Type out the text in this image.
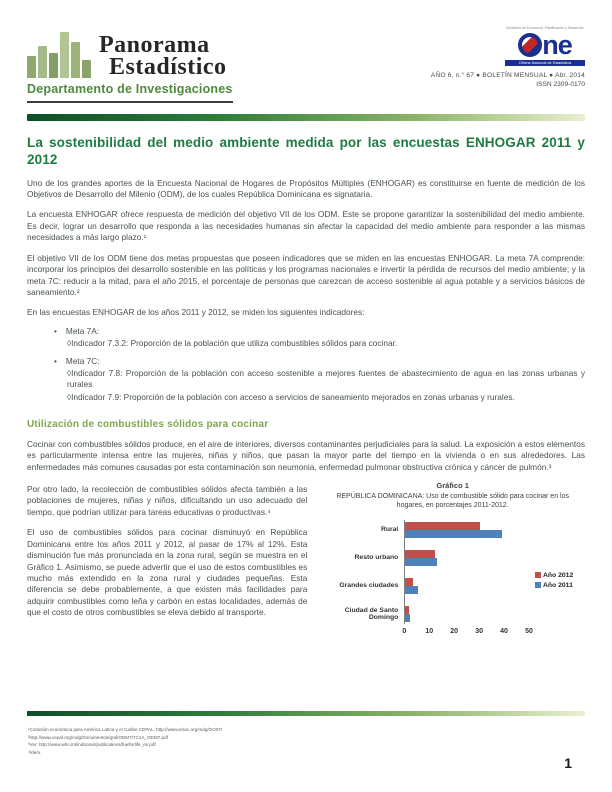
Panorama
Estadístico
Departamento de Investigaciones
Ministerio de Economía, Planificación y Desarrollo
ne
Oficina Nacional de Estadística
AÑO 6, n.° 67 ● BOLETÍN MENSUAL ● Abr. 2014
ISSN 2309-0170
La sostenibilidad del medio ambiente medida por las encuestas ENHOGAR 2011 y 2012
Uno de los grandes aportes de la Encuesta Nacional de Hogares de Propósitos Múltiples (ENHOGAR) es constituirse en fuente de medición de los Objetivos de Desarrollo del Milenio (ODM), de los cuales República Dominicana es signataria.
La encuesta ENHOGAR ofrece respuesta de medición del objetivo VII de los ODM. Este se propone garantizar la sostenibilidad del medio ambiente. Es decir, lograr un desarrollo que responda a las necesidades humanas sin afectar la capacidad del medio ambiente para responder a las mismas necesidades a más largo plazo.¹
El objetivo VII de los ODM tiene dos metas propuestas que poseen indicadores que se miden en las encuestas ENHOGAR. La meta 7A comprende: incorporar los principios del desarrollo sostenible en las políticas y los programas nacionales e invertir la pérdida de recursos del medio ambiente; y la meta 7C: reducir a la mitad, para el año 2015, el porcentaje de personas que carezcan de acceso sostenible al agua potable y a servicios básicos de saneamiento.²
En las encuestas ENHOGAR de los años 2011 y 2012, se miden los siguientes indicadores:
• Meta 7A:
◊Indicador 7.3.2: Proporción de la población que utiliza combustibles sólidos para cocinar.
• Meta 7C:
◊Indicador 7.8: Proporción de la población con acceso sostenible a mejores fuentes de abastecimiento de agua en las zonas urbanas y rurales
◊Indicador 7.9: Proporción de la población con acceso a servicios de saneamiento mejorados en zonas urbanas y rurales.
Utilización de combustibles sólidos para cocinar
Cocinar con combustibles sólidos produce, en el aire de interiores, diversos contaminantes perjudiciales para la salud. La exposición a estos elementos es particularmente intensa entre las mujeres, niñas y niños, que pasan la mayor parte del tiempo en la vivienda o en sus alrededores. Las enfermedades más comunes causadas por esta contaminación son neumonia, enfermedad pulmonar obstructiva crónica y cáncer de pulmón.³
Por otro lado, la recolección de combustibles sólidos afecta también a las poblaciones de mujeres, niñas y niños, dificultando un uso adecuado del tiempo, que podrían utilizar para tareas educativas o productivas.⁴
El uso de combustibles sólidos para cocinar disminuyó en República Dominicana entre los años 2011 y 2012, al pasar de 17% al 12%. Esta disminución fue más pronunciada en la zona rural, según se muestra en el Gráfico 1. Asimismo, se puede advertir que el uso de estos combustibles es mucho más extendido en la zona rural y ciudades pequeñas. Esta diferencia se debe probablemente, a que existen más facilidades para adquirir combustibles como leña y carbón en estas localidades, además de que el costo de otros combustibles se eleva debido al transporte.
Gráfico 1
REPÚBLICA DOMINICANA: Uso de combustible sólido para cocinar en los hogares, en porcentajes 2011-2012.
Rural
Resto urbano
Grandes ciudades
Ciudad de Santo Domingo
0	10 20 30 40 50
Año 2012
Año 2011
¹Comisión económica para América Latina y el Caribe CEPAL. http://www.eclac.org/mdg/GO07/
²http://www.cepal.org/mdg/Documentos/gral/ODM7/7C1A_ODM7.pdf
³Ver: http://www.who.int/indoorair/publications/fuelforlife_es.pdf
⁴Ídem.
1
